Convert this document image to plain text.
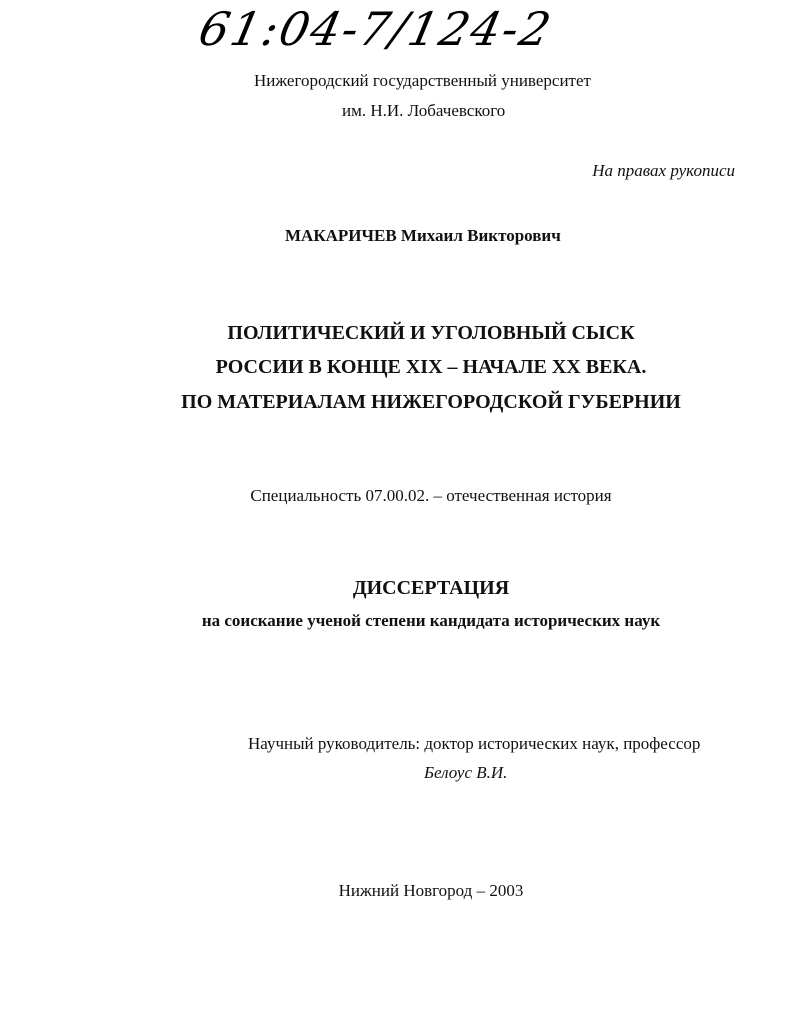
61:04-7/124-2
Нижегородский государственный университет
им. Н.И. Лобачевского
На правах рукописи
МАКАРИЧЕВ Михаил Викторович
ПОЛИТИЧЕСКИЙ И УГОЛОВНЫЙ СЫСК
РОССИИ В КОНЦЕ XIX – НАЧАЛЕ XX ВЕКА.
ПО МАТЕРИАЛАМ НИЖЕГОРОДСКОЙ ГУБЕРНИИ
Специальность 07.00.02. – отечественная история
ДИССЕРТАЦИЯ
на соискание ученой степени кандидата исторических наук
Научный руководитель: доктор исторических наук, профессор
Белоус В.И.
Нижний Новгород – 2003
